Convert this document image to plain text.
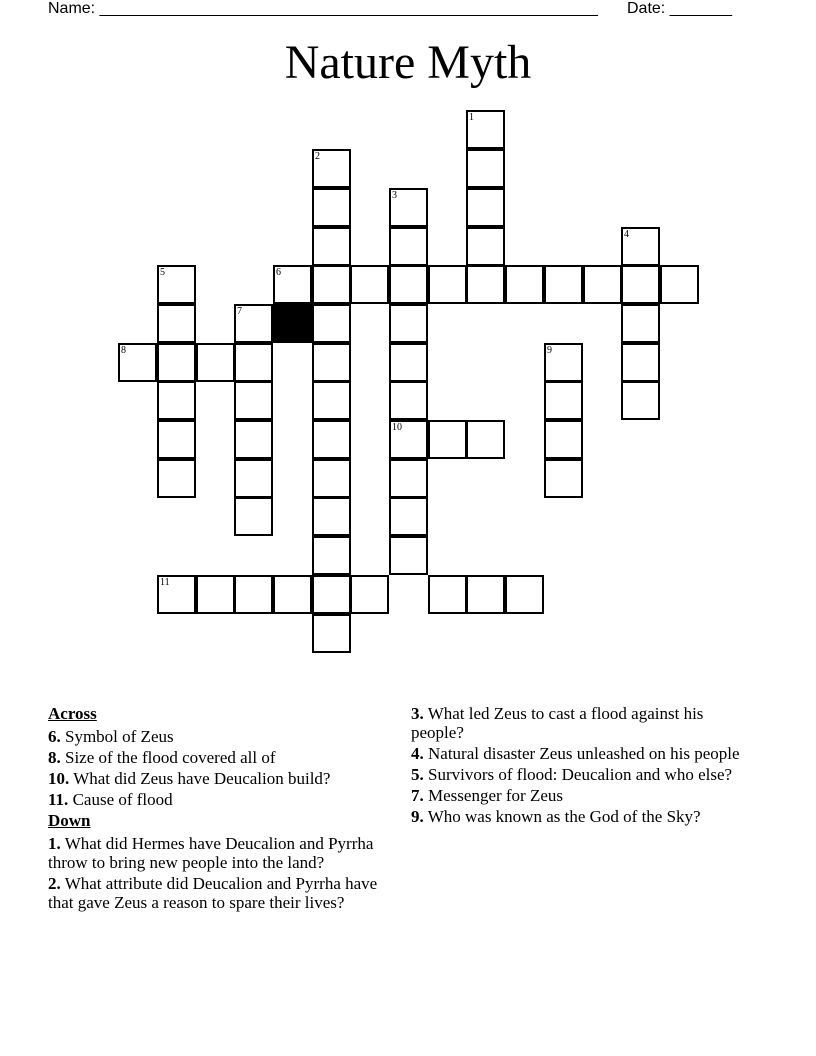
Name: ________________________________________________________

Date: _______

Nature Myth
1
2
3
10
4
6
5
7
8	9
11
Across
6. Symbol of Zeus
8. Size of the flood covered all of
10. What did Zeus have Deucalion build?
11. Cause of flood
Down
1. What did Hermes have Deucalion and Pyrrha throw to bring new people into the land?
2. What attribute did Deucalion and Pyrrha have that gave Zeus a reason to spare their lives?
3. What led Zeus to cast a flood against his people?
4. Natural disaster Zeus unleashed on his people
5. Survivors of flood: Deucalion and who else?
7. Messenger for Zeus
9. Who was known as the God of the Sky?
